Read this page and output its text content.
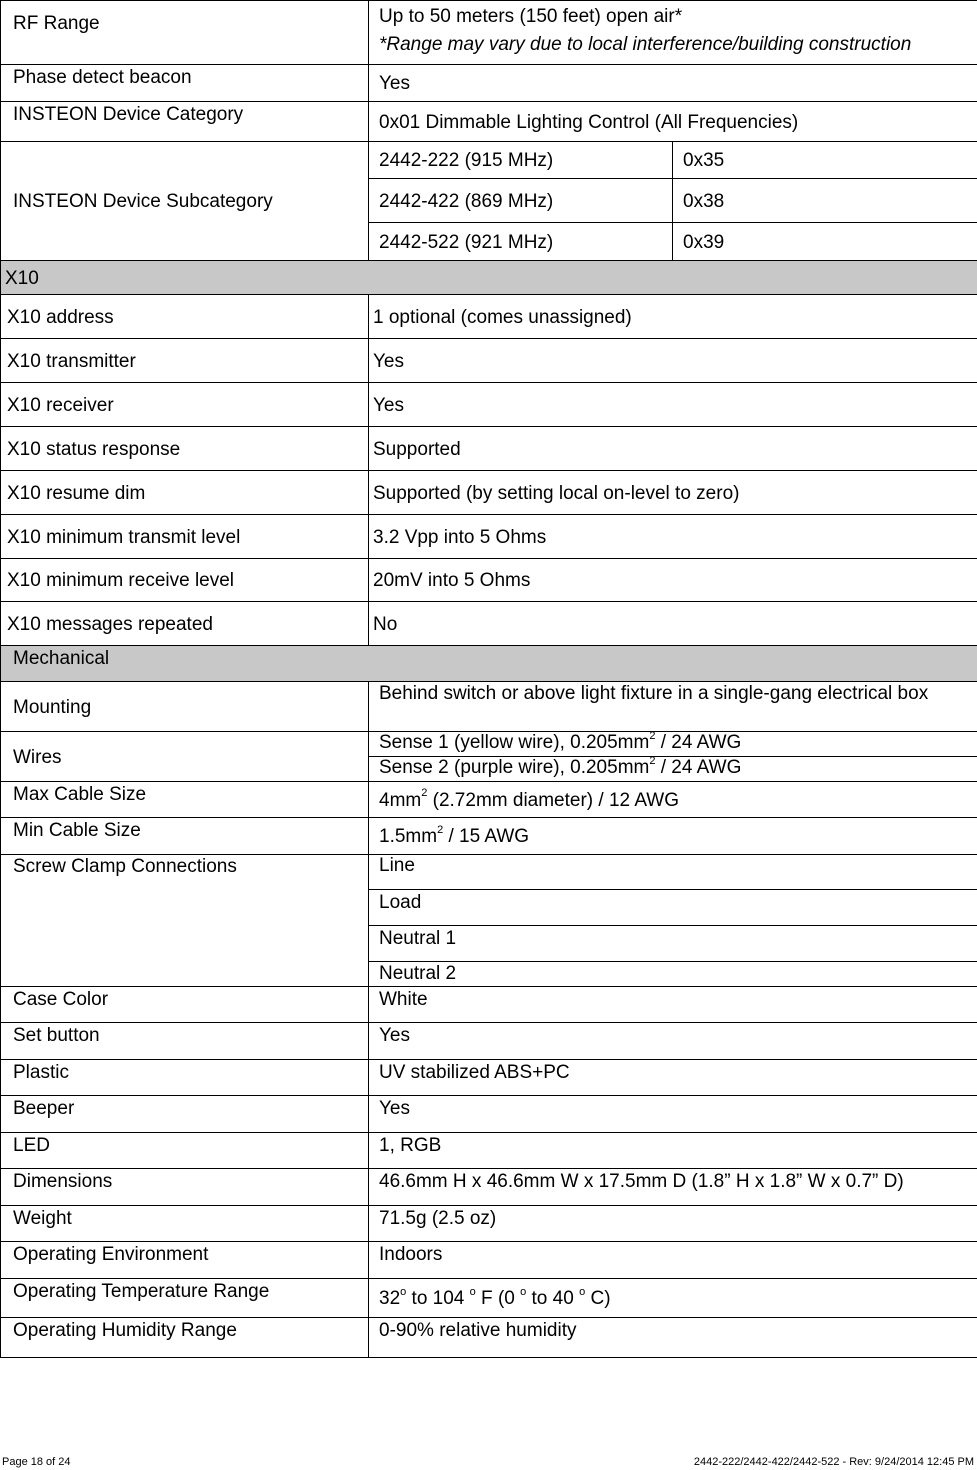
RF Range	Up to 50 meters (150 feet) open air*
*Range may vary due to local interference/building construction	

Phase detect beacon	Yes	
INSTEON Device Category	0x01 Dimmable Lighting Control (All Frequencies)	
INSTEON Device Subcategory	2442-222 (915 MHz)	0x35
	2442-422 (869 MHz)	0x38
	2442-522 (921 MHz)	0x39
X10		
X10 address	1 optional (comes unassigned)	
X10 transmitter	Yes	
X10 receiver	Yes	
X10 status response	Supported	
X10 resume dim	Supported (by setting local on-level to zero)	
X10 minimum transmit level	3.2 Vpp into 5 Ohms	
X10 minimum receive level	20mV into 5 Ohms	
X10 messages repeated	No	
Mechanical		
Mounting	Behind switch or above light fixture in a single-gang electrical box	
Wires	Sense 1 (yellow wire), $0.205mm^2 / 24$ AWG	
	Sense 2 (purple wire), $0.205mm^2 / 24$ AWG	
Max Cable Size	$4mm^2$ (2.72mm diameter) / 12 AWG	
Min Cable Size	$1.5mm^2 / 15$ AWG	
Screw Clamp Connections	Line	
	Load	
	Neutral 1	
	Neutral 2	
Case Color	White	
Set button	Yes	
Plastic	UV stabilized ABS+PC	
Beeper	Yes	
LED	1, RGB	
Dimensions	46.6mm H x 46.6mm W x 17.5mm D (1.8” H x 1.8” W x 0.7” D)	
Weight	71.5g (2.5 oz)	
Operating Environment	Indoors	
Operating Temperature Range	32$^o$ to 104 $^o$ F (0 $^o$ to 40 $^o$ C)	
Operating Humidity Range	0-90% relative humidity	
Page 18 of 24	2442-222/2442-422/2442-522 - Rev: 9/24/2014 12:45 PM
